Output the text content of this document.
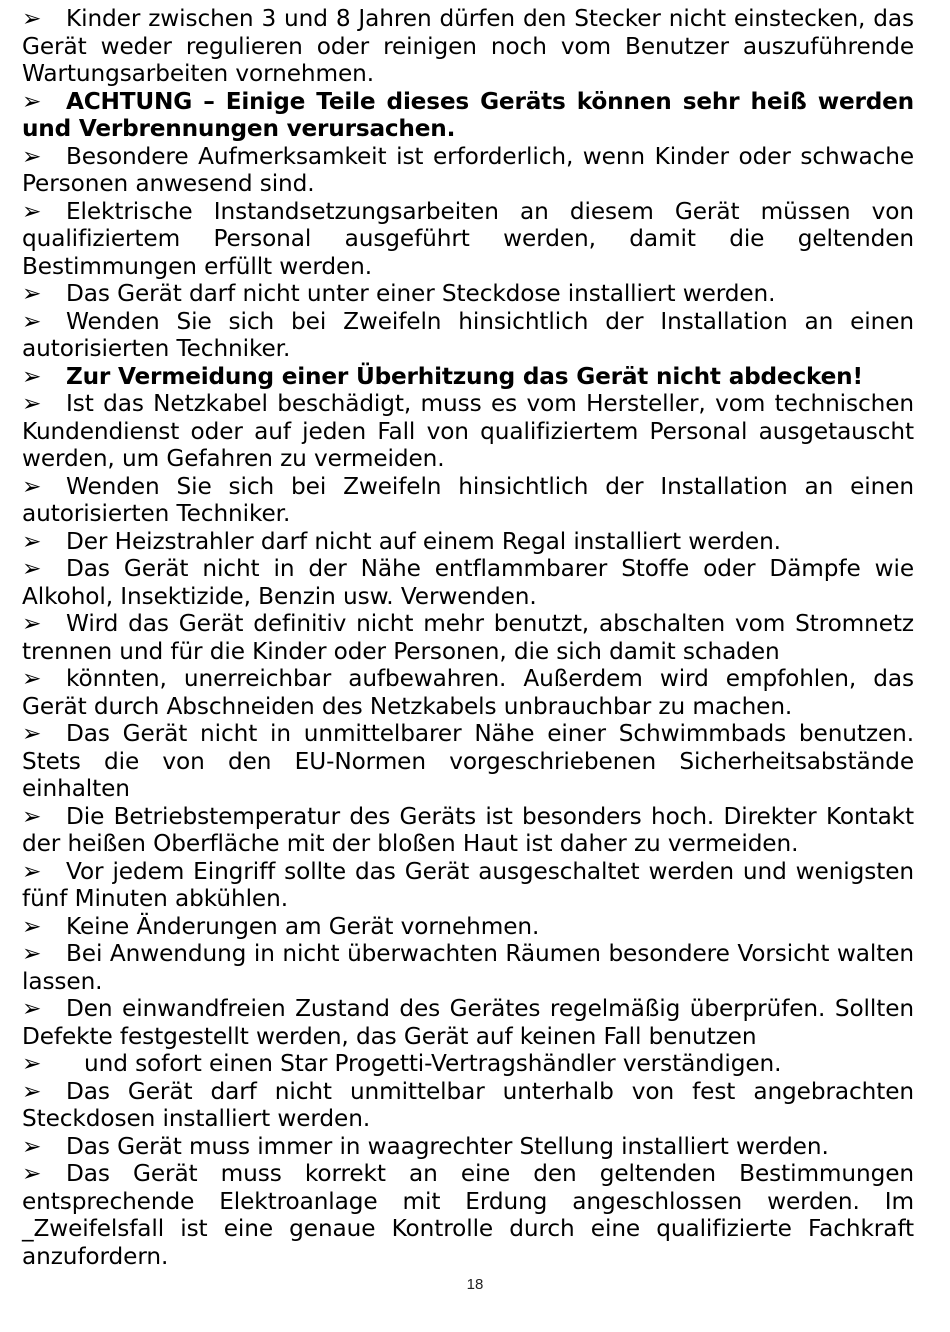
➢ Kinder zwischen 3 und 8 Jahren dürfen den Stecker nicht einstecken, das Gerät weder regulieren oder reinigen noch vom Benutzer auszuführende Wartungsarbeiten vornehmen.

➢ ACHTUNG – Einige Teile dieses Geräts können sehr heiß werden und Verbrennungen verursachen.

➢ Besondere Aufmerksamkeit ist erforderlich, wenn Kinder oder schwache Personen anwesend sind.

➢ Elektrische Instandsetzungsarbeiten an diesem Gerät müssen von qualifiziertem Personal ausgeführt werden, damit die geltenden Bestimmungen erfüllt werden.

➢ Das Gerät darf nicht unter einer Steckdose installiert werden.

➢ Wenden Sie sich bei Zweifeln hinsichtlich der Installation an einen autorisierten Techniker.

➢ Zur Vermeidung einer Überhitzung das Gerät nicht abdecken!

➢ Ist das Netzkabel beschädigt, muss es vom Hersteller, vom technischen Kundendienst oder auf jeden Fall von qualifiziertem Personal ausgetauscht werden, um Gefahren zu vermeiden.

➢ Wenden Sie sich bei Zweifeln hinsichtlich der Installation an einen autorisierten Techniker.

➢ Der Heizstrahler darf nicht auf einem Regal installiert werden.

➢ Das Gerät nicht in der Nähe entflammbarer Stoffe oder Dämpfe wie Alkohol, Insektizide, Benzin usw. Verwenden.

➢ Wird das Gerät definitiv nicht mehr benutzt, abschalten vom Stromnetz trennen und für die Kinder oder Personen, die sich damit schaden

➢ könnten, unerreichbar aufbewahren. Außerdem wird empfohlen, das Gerät durch Abschneiden des Netzkabels unbrauchbar zu machen.

➢ Das Gerät nicht in unmittelbarer Nähe einer Schwimmbads benutzen. Stets die von den EU-Normen vorgeschriebenen Sicherheitsabstände einhalten

➢ Die Betriebstemperatur des Geräts ist besonders hoch. Direkter Kontakt der heißen Oberfläche mit der bloßen Haut ist daher zu vermeiden.

➢ Vor jedem Eingriff sollte das Gerät ausgeschaltet werden und wenigsten fünf Minuten abkühlen.

➢ Keine Änderungen am Gerät vornehmen.

➢ Bei Anwendung in nicht überwachten Räumen besondere Vorsicht walten lassen.

➢ Den einwandfreien Zustand des Gerätes regelmäßig überprüfen. Sollten Defekte festgestellt werden, das Gerät auf keinen Fall benutzen

➢ und sofort einen Star Progetti-Vertragshändler verständigen.

➢ Das Gerät darf nicht unmittelbar unterhalb von fest angebrachten Steckdosen installiert werden.

➢ Das Gerät muss immer in waagrechter Stellung installiert werden.

➢ Das Gerät muss korrekt an eine den geltenden Bestimmungen entsprechende Elektroanlage mit Erdung angeschlossen werden. Im _Zweifelsfall ist eine genaue Kontrolle durch eine qualifizierte Fachkraft anzufordern.

18
